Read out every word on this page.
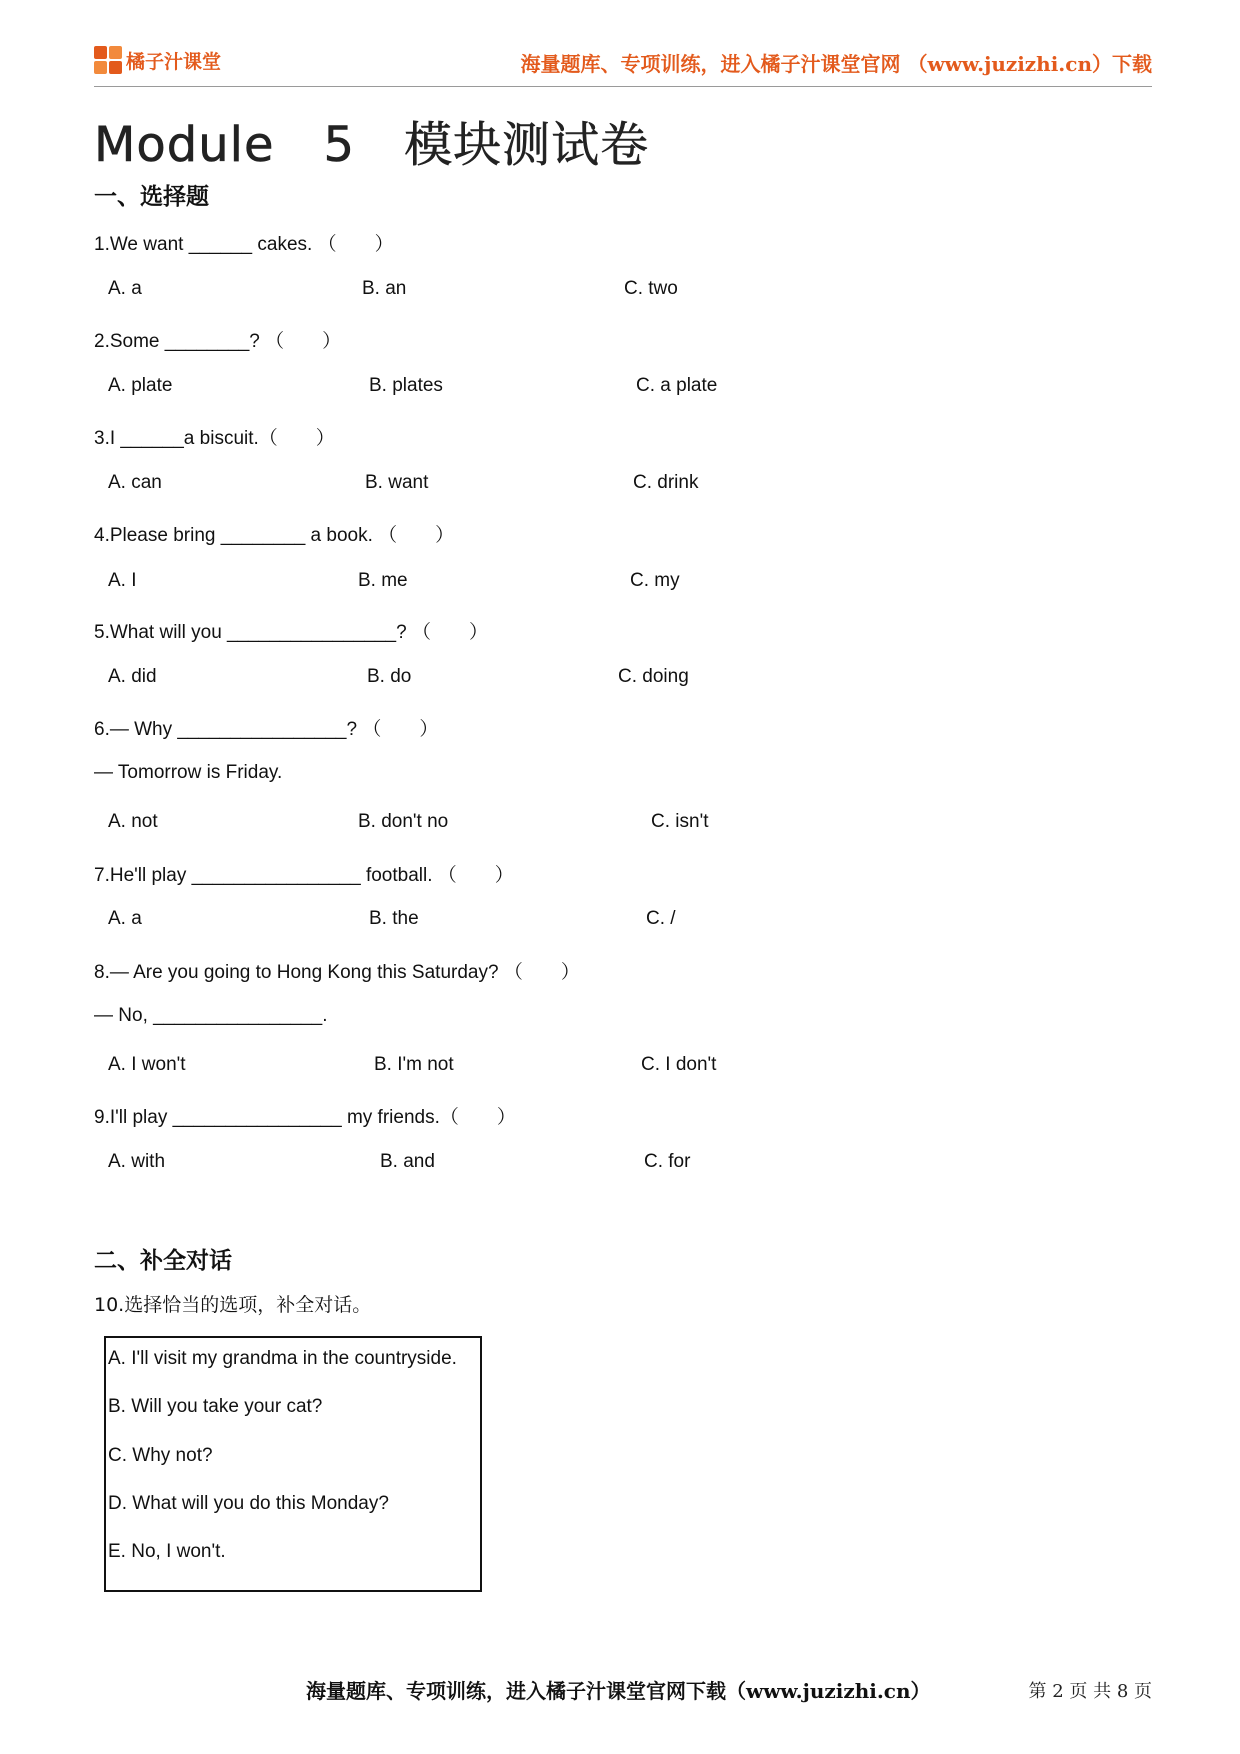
橘子汁课堂	海量题库、专项训练，进入橘子汁课堂官网 （www.juzizhi.cn）下载
Module　5　模块测试卷
一、选择题
1.We want ______ cakes. （　　）
A. a	B. an	C. two
2.Some ________? （　　）
A. plate	B. plates	C. a plate
3.I ______a biscuit.（　　）
A. can	B. want	C. drink
4.Please bring ________ a book. （　　）
A. I	B. me	C. my
5.What will you ________________? （　　）
A. did	B. do	C. doing
6.— Why ________________? （　　）
— Tomorrow is Friday.
A. not	B. don't no	C. isn't
7.He'll play ________________ football. （　　）
A. a	B. the	C. /
8.— Are you going to Hong Kong this Saturday? （　　）
— No, ________________.
A. I won't	B. I'm not	C. I don't
9.I'll play ________________ my friends.（　　）
A. with	B. and	C. for
二、补全对话
10.选择恰当的选项，补全对话。
A. I'll visit my grandma in the countryside.
B. Will you take your cat?
C. Why not?
D. What will you do this Monday?
E. No, I won't.
海量题库、专项训练，进入橘子汁课堂官网下载（www.juzizhi.cn）	第 2 页 共 8 页
